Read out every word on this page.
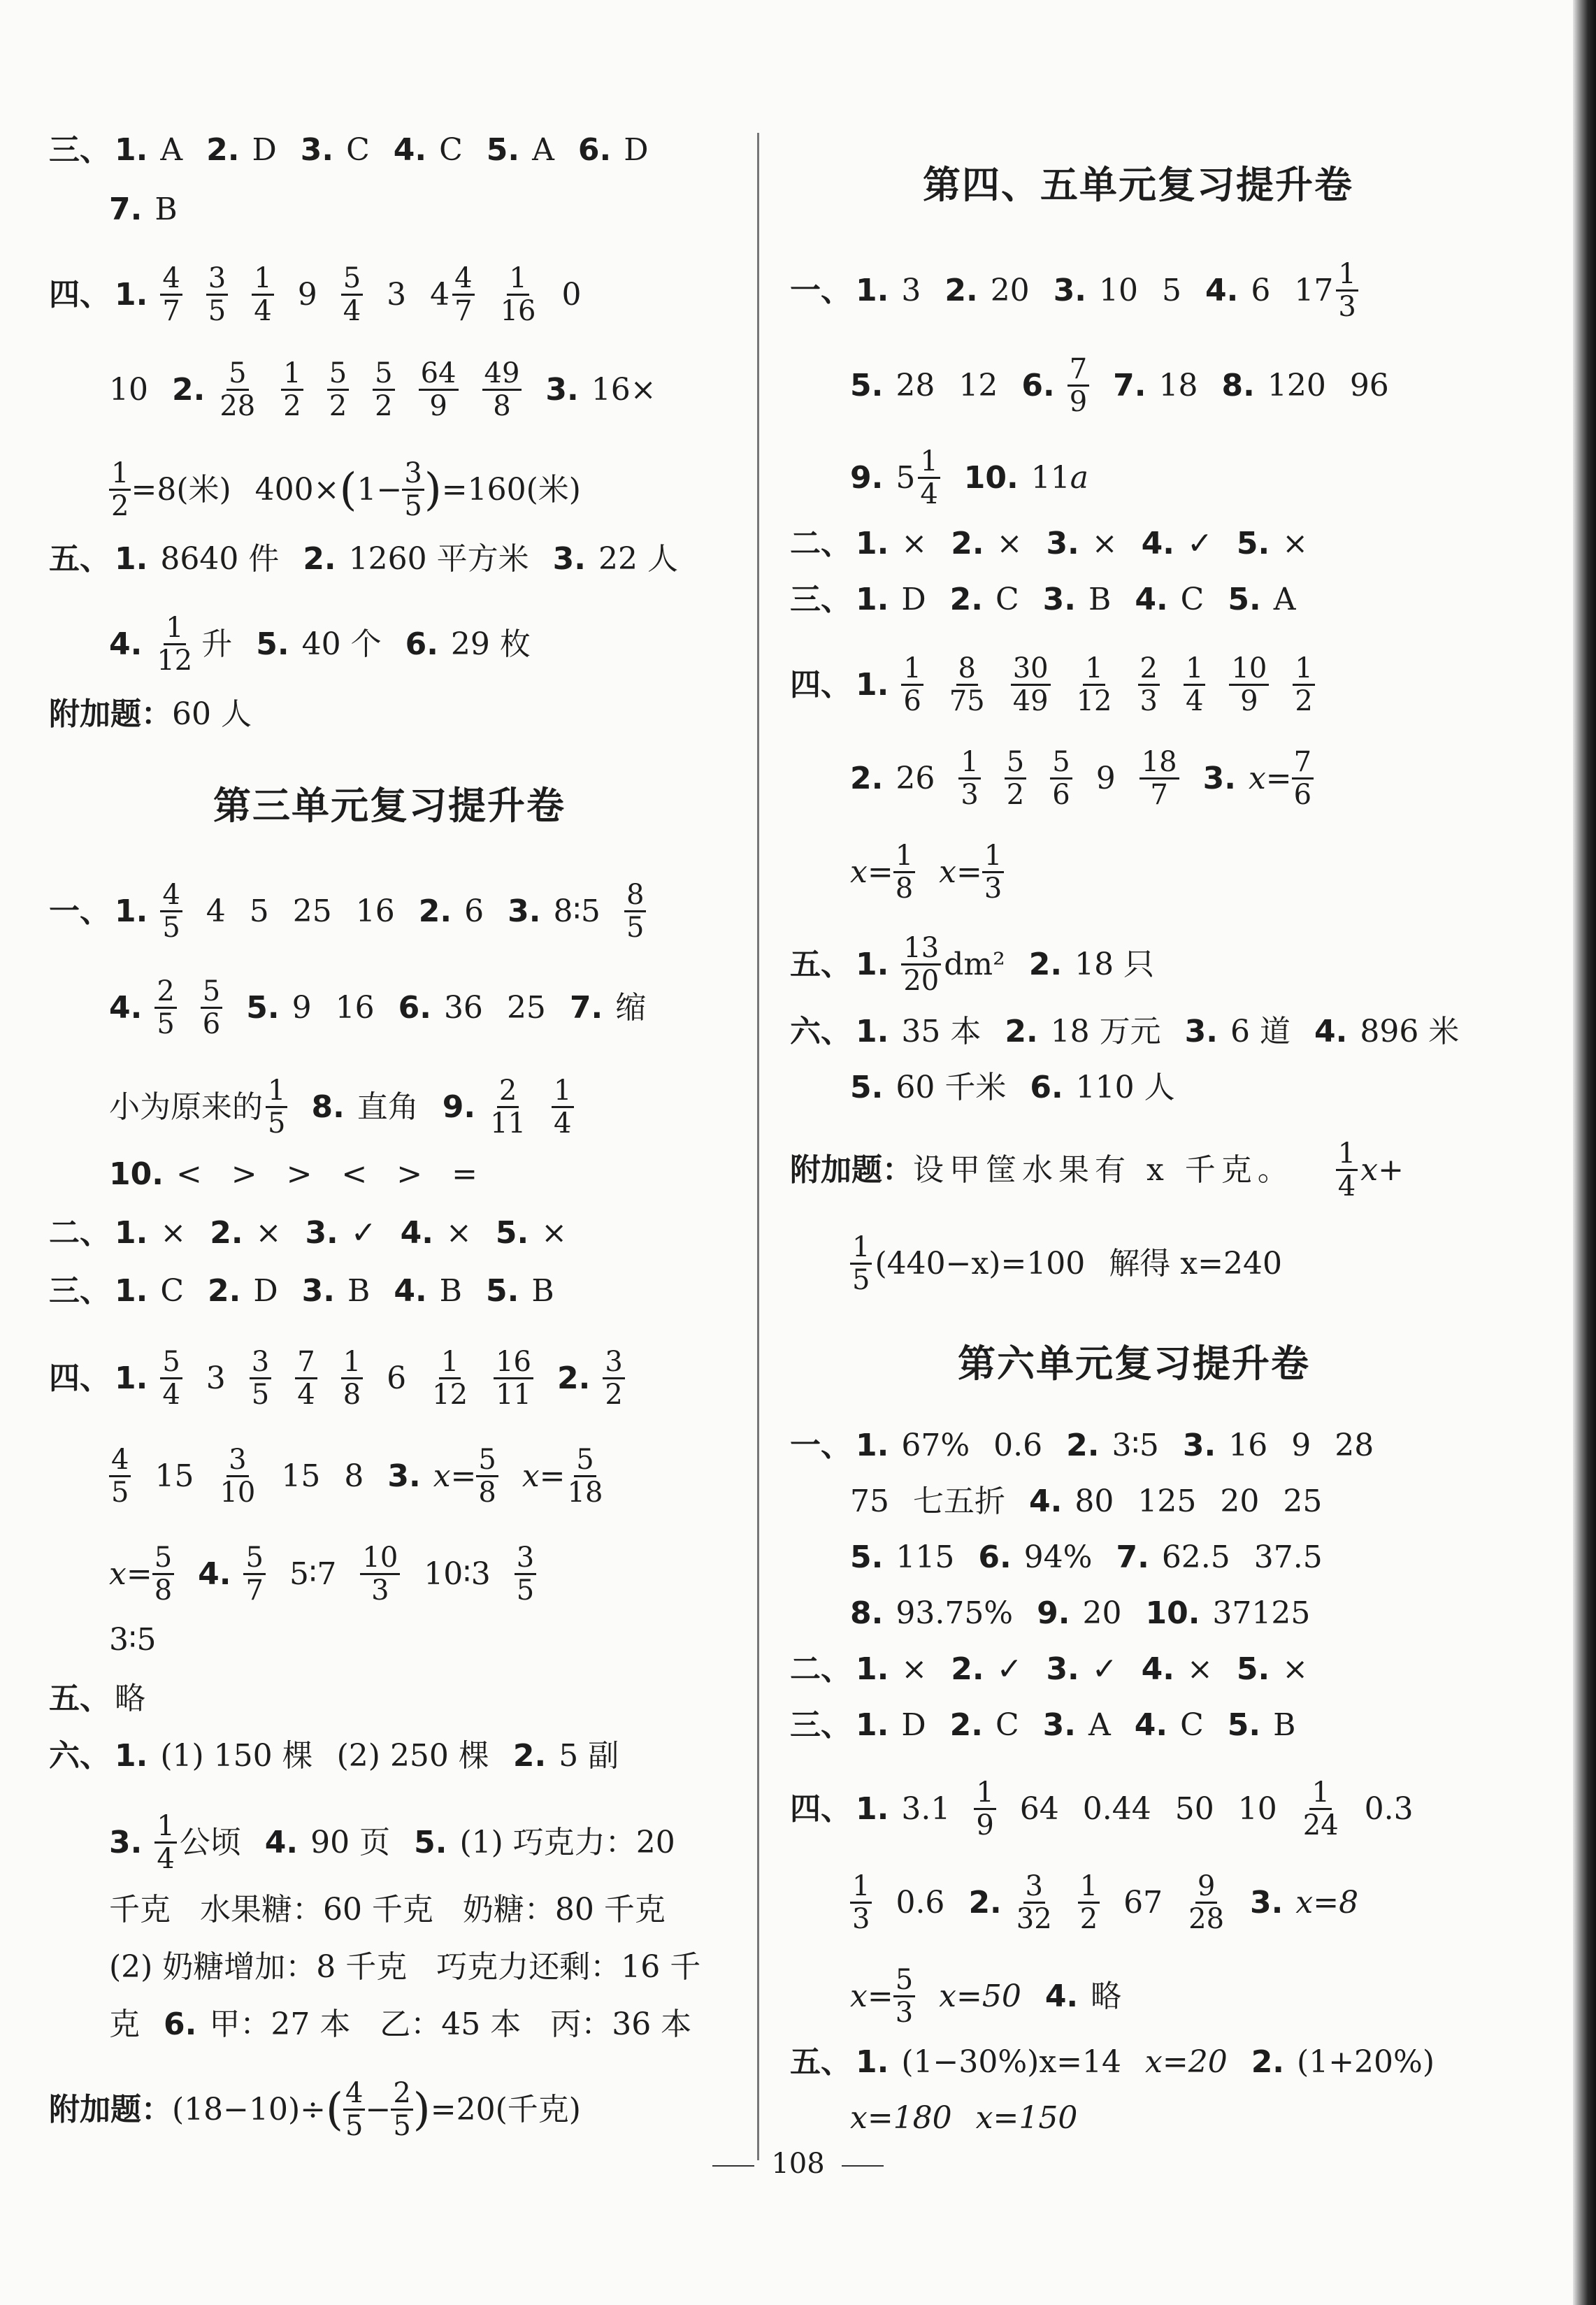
三、 1. A 2. D 3. C 4. C 5. A 6. D
7. B
四、 1. $\frac{4}{7} \frac{3}{5} \frac{1}{4} 9 \frac{5}{4} 3$ $4 \frac{4}{7} \frac{1}{16} 0$
10 2. $\frac{5}{28} \frac{1}{2} \frac{5}{2} \frac{5}{2} \frac{64}{9} \frac{49}{8} 3$. 16×
$\frac{1}{2} =8$(米) 400× ( $1- \frac{3}{5}$ ) =160(米)
五、 1. 8640 件 2. 1260 平方米 3. 22 人
4. $\frac{1}{12}$ 升 5. 40 个 6. 29 枚
附加题： 60 人
第三单元复习提升卷
一、 1. $\frac{4}{5} 4$ 5 25 16 2. 6 3. 8∶5 $\frac{8}{5}$
4. $\frac{2}{5} \frac{5}{6} 5$. 9 16 6. 36 25 7. 缩
小为原来的 $\frac{1}{5} 8$. 直角 9. $\frac{2}{11} \frac{1}{4}$
10. <   >   >   <   >   =
二、 1. × 2. × 3. ✓ 4. × 5. ×
三、 1. C 2. D 3. B 4. B 5. B
四、 1. $\frac{5}{4} 3 \frac{3}{5} \frac{7}{4} \frac{1}{8} 6 \frac{1}{12} \frac{16}{11} 2$. $\frac{3}{2}$
$\frac{4}{5} 15 \frac{3}{10} 15$ 8 3. $x= \frac{5}{8} x= \frac{5}{18}$
$x= \frac{5}{8} 4$. $\frac{5}{7}$ 5∶7 $\frac{10}{3}$ 10∶3 $\frac{3}{5}$
3∶5
五、 略
六、 1. (1) 150 棵 (2) 250 棵 2. 5 副
3. $\frac{1}{4}$ 公顷 4. 90 页 5. (1) 巧克力：20
千克   水果糖：60 千克   奶糖：80 千克
(2) 奶糖增加：8 千克   巧克力还剩：16 千
克 6. 甲：27 本   乙：45 本   丙：36 本
附加题： (18−10)÷ ( $\frac{4}{5} - \frac{2}{5}$ ) =20(千克)
第四、五单元复习提升卷
一、 1. 3 2. 20 3. 10 5 4. 6 $17 \frac{1}{3}$
5. 28 12 6. $\frac{7}{9} 7$. 18 8. 120 96
9. $5 \frac{1}{4} 10$. 11 a
二、 1. × 2. × 3. × 4. ✓ 5. ×
三、 1. D 2. C 3. B 4. C 5. A
四、 1. $\frac{1}{6} \frac{8}{75} \frac{30}{49} \frac{1}{12} \frac{2}{3} \frac{1}{4} \frac{10}{9} \frac{1}{2}$
2. $26 \frac{1}{3} \frac{5}{2} \frac{5}{6} 9 \frac{18}{7} 3$. $x= \frac{7}{6}$
$x= \frac{1}{8} x= \frac{1}{3}$
五、 1. $\frac{13}{20} dm^2$ 2. 18 只
六、 1. 35 本 2. 18 万元 3. 6 道 4. 896 米
5. 60 千米 6. 110 人
附加题： 设甲筐水果有 x 千克。 $\frac{1}{4} x+$
$\frac{1}{5} (440-x)=100$ 解得 x=240
第六单元复习提升卷
一、 1. 67% 0.6 2. 3∶5 3. 16 9 28
75 七五折 4. 80 125 20 25
5. 115 6. 94% 7. 62.5 37.5
8. 93.75% 9. 20 10. 37125
二、 1. × 2. ✓ 3. ✓ 4. × 5. ×
三、 1. D 2. C 3. A 4. C 5. B
四、 1. $3.1 \frac{1}{9} 64$ 0.44 50 $10 \frac{1}{24} 0.3$
$\frac{1}{3} 0.6$ 2. $\frac{3}{32} \frac{1}{2} 67 \frac{9}{28} 3$. x=8
$x= \frac{5}{3} x=50$ 4. 略
五、 1. (1−30%)x=14 x=20 2. (1+20%)
x=180 x=150
108
